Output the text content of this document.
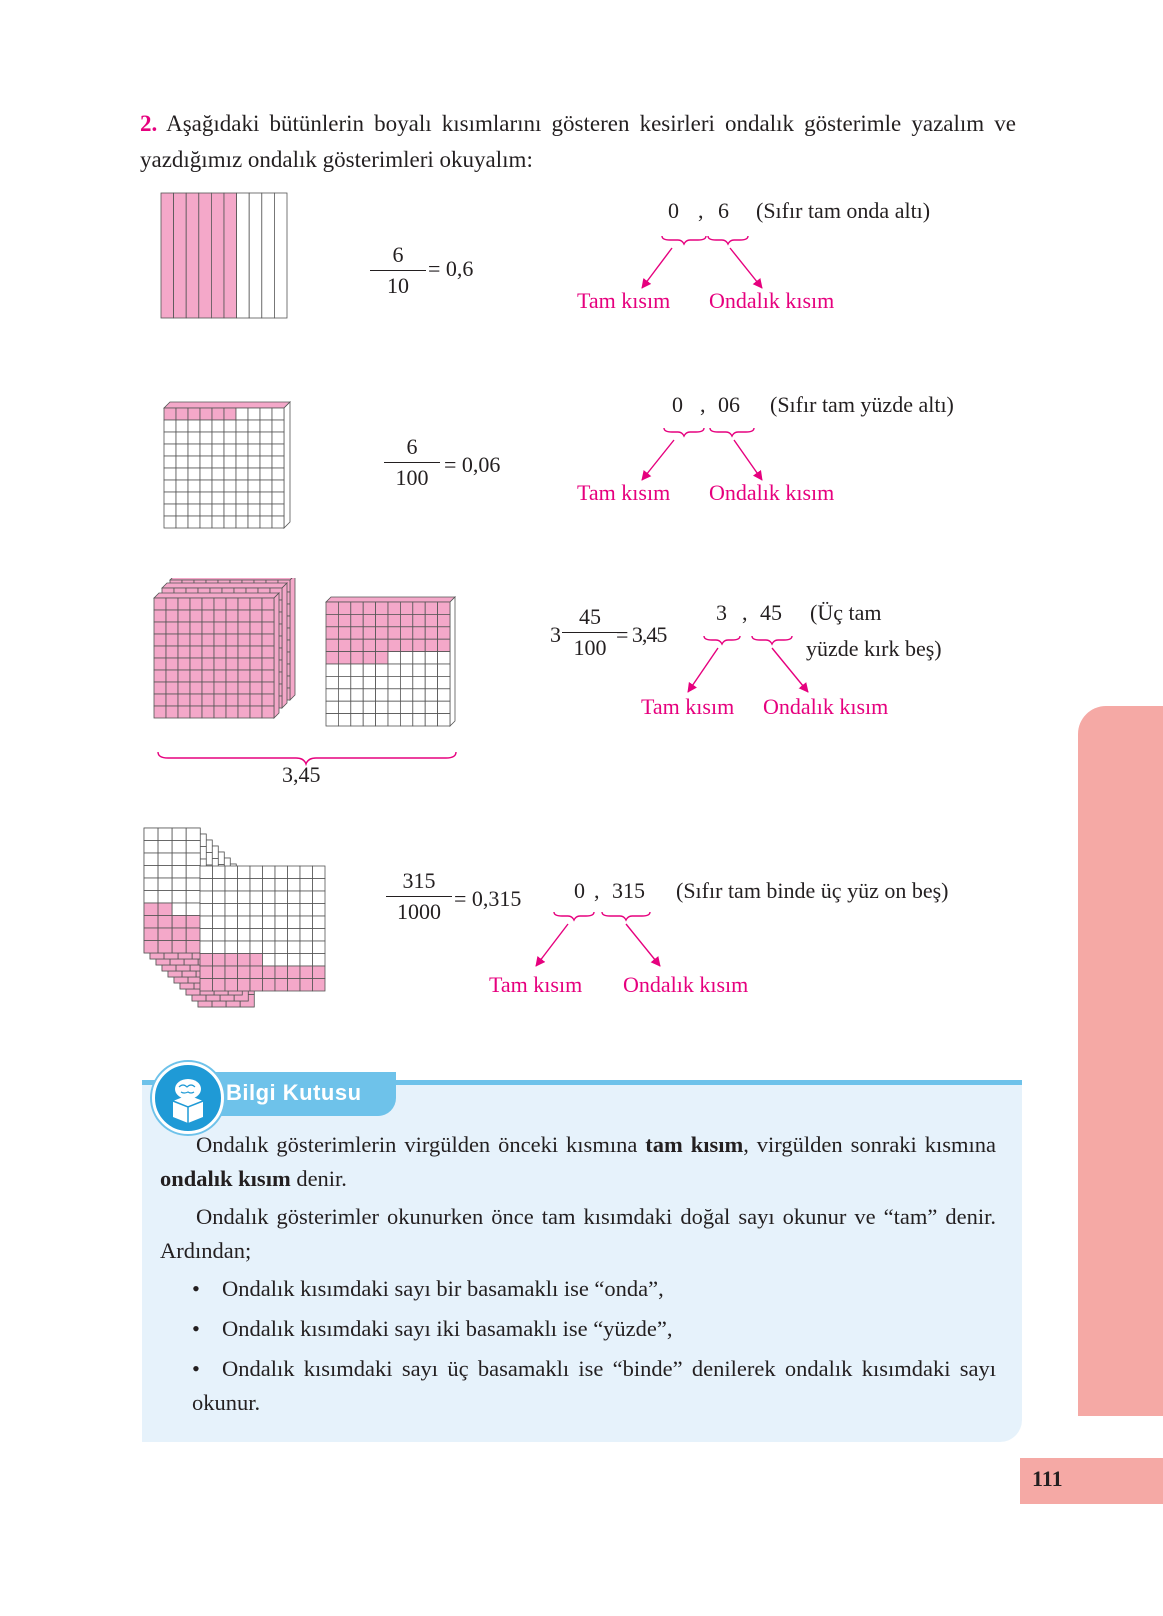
111
2. Aşağıdaki bütünlerin boyalı kısımlarını gösteren kesirleri ondalık gösterimle yazalım ve yazdığımız ondalık gösterimleri okuyalım:
$\frac{6}{10} = 0,6$
0 , 6 (Sıfır tam onda altı)
Tam kısım Ondalık kısım
$\frac{6}{100} = 0,06$
0 , 06 (Sıfır tam yüzde altı)
Tam kısım Ondalık kısım
3,45
$3 \frac{45}{100}$
= 3,45
3 , 45 (Üç tam
yüzde kırk beş)
Tam kısım Ondalık kısım
$\frac{315}{1000} = 0,315$ 0 , 315 (Sıfır tam binde üç yüz on beş)
Tam kısım Ondalık kısım
Bilgi Kutusu
Ondalık gösterimlerin virgülden önceki kısmına tam kısım, virgülden sonraki kısmına ondalık kısım denir.
Ondalık gösterimler okunurken önce tam kısımdaki doğal sayı okunur ve “tam” denir. Ardından;
• Ondalık kısımdaki sayı bir basamaklı ise “onda”,
• Ondalık kısımdaki sayı iki basamaklı ise “yüzde”,
• Ondalık kısımdaki sayı üç basamaklı ise “binde” denilerek ondalık kısımdaki sayı okunur.
